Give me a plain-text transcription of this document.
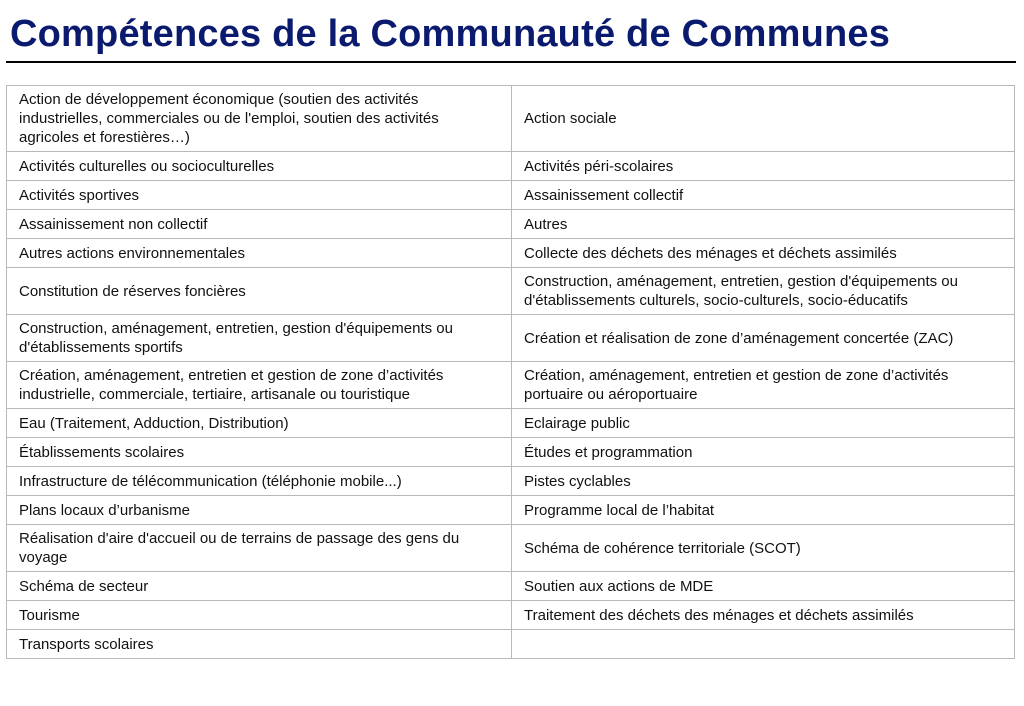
Compétences de la Communauté de Communes
Action de développement économique (soutien des activités industrielles, commerciales ou de l'emploi, soutien des activités agricoles et forestières…)	Action sociale
Activités culturelles ou socioculturelles	Activités péri-scolaires
Activités sportives	Assainissement collectif
Assainissement non collectif	Autres
Autres actions environnementales	Collecte des déchets des ménages et déchets assimilés
Constitution de réserves foncières	Construction, aménagement, entretien, gestion d'équipements ou d'établissements culturels, socio-culturels, socio-éducatifs
Construction, aménagement, entretien, gestion d'équipements ou d'établissements sportifs	Création et réalisation de zone d’aménagement concertée (ZAC)
Création, aménagement, entretien et gestion de zone d’activités industrielle, commerciale, tertiaire, artisanale ou touristique	Création, aménagement, entretien et gestion de zone d’activités portuaire ou aéroportuaire
Eau (Traitement, Adduction, Distribution)	Eclairage public
Établissements scolaires	Études et programmation
Infrastructure de télécommunication (téléphonie mobile...)	Pistes cyclables
Plans locaux d’urbanisme	Programme local de l’habitat
Réalisation d'aire d'accueil ou de terrains de passage des gens du voyage	Schéma de cohérence territoriale (SCOT)
Schéma de secteur	Soutien aux actions de MDE
Tourisme	Traitement des déchets des ménages et déchets assimilés
Transports scolaires	
